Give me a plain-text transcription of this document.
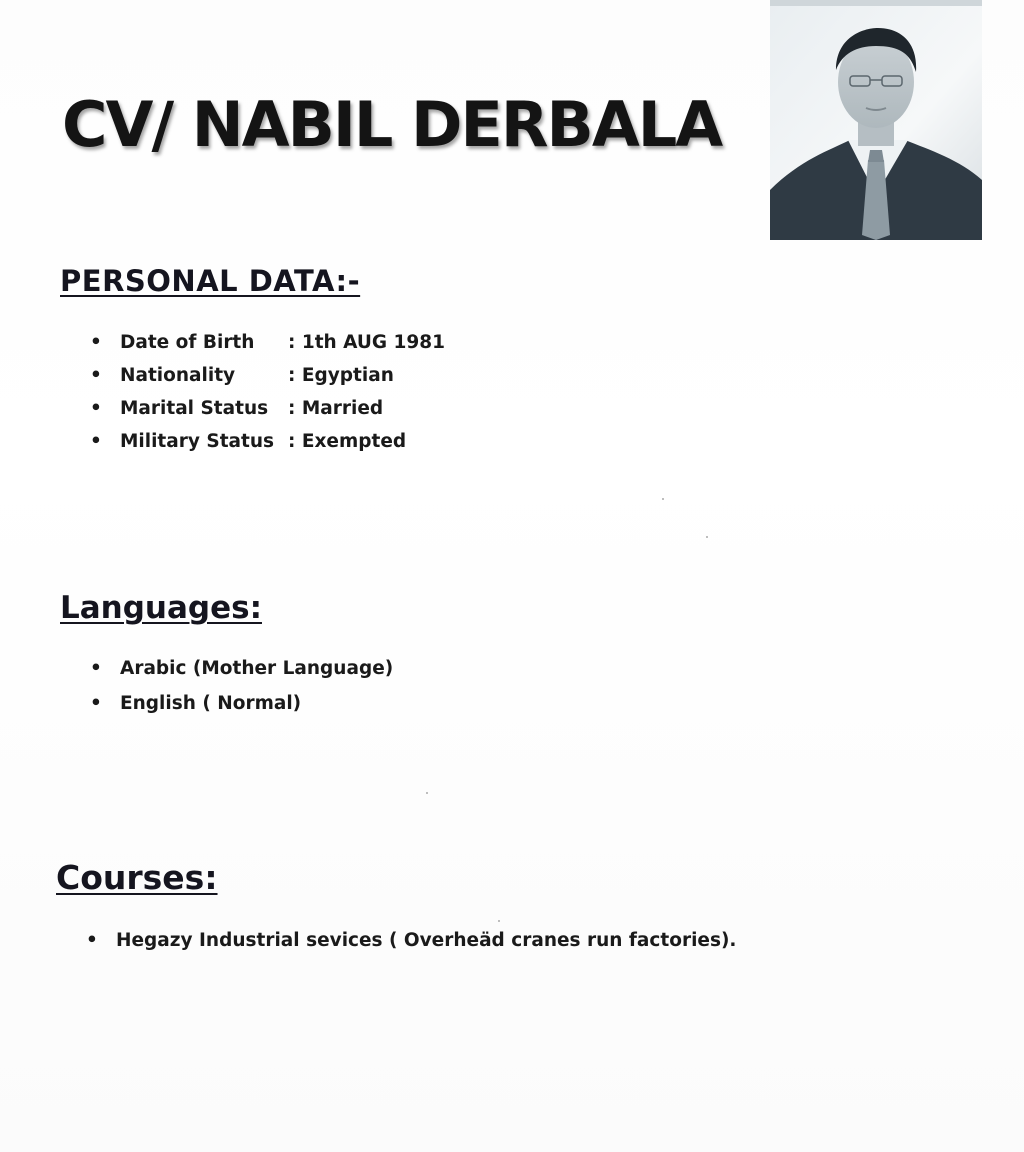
CV/ NABIL DERBALA
PERSONAL DATA:-
• Date of Birth : 1th AUG 1981
• Nationality	: Egyptian
• Marital Status : Married
• Military Status : Exempted
Languages:
• Arabic (Mother Language)
• English ( Normal)
Courses:
• Hegazy Industrial sevices ( Overheäd cranes run factories).
